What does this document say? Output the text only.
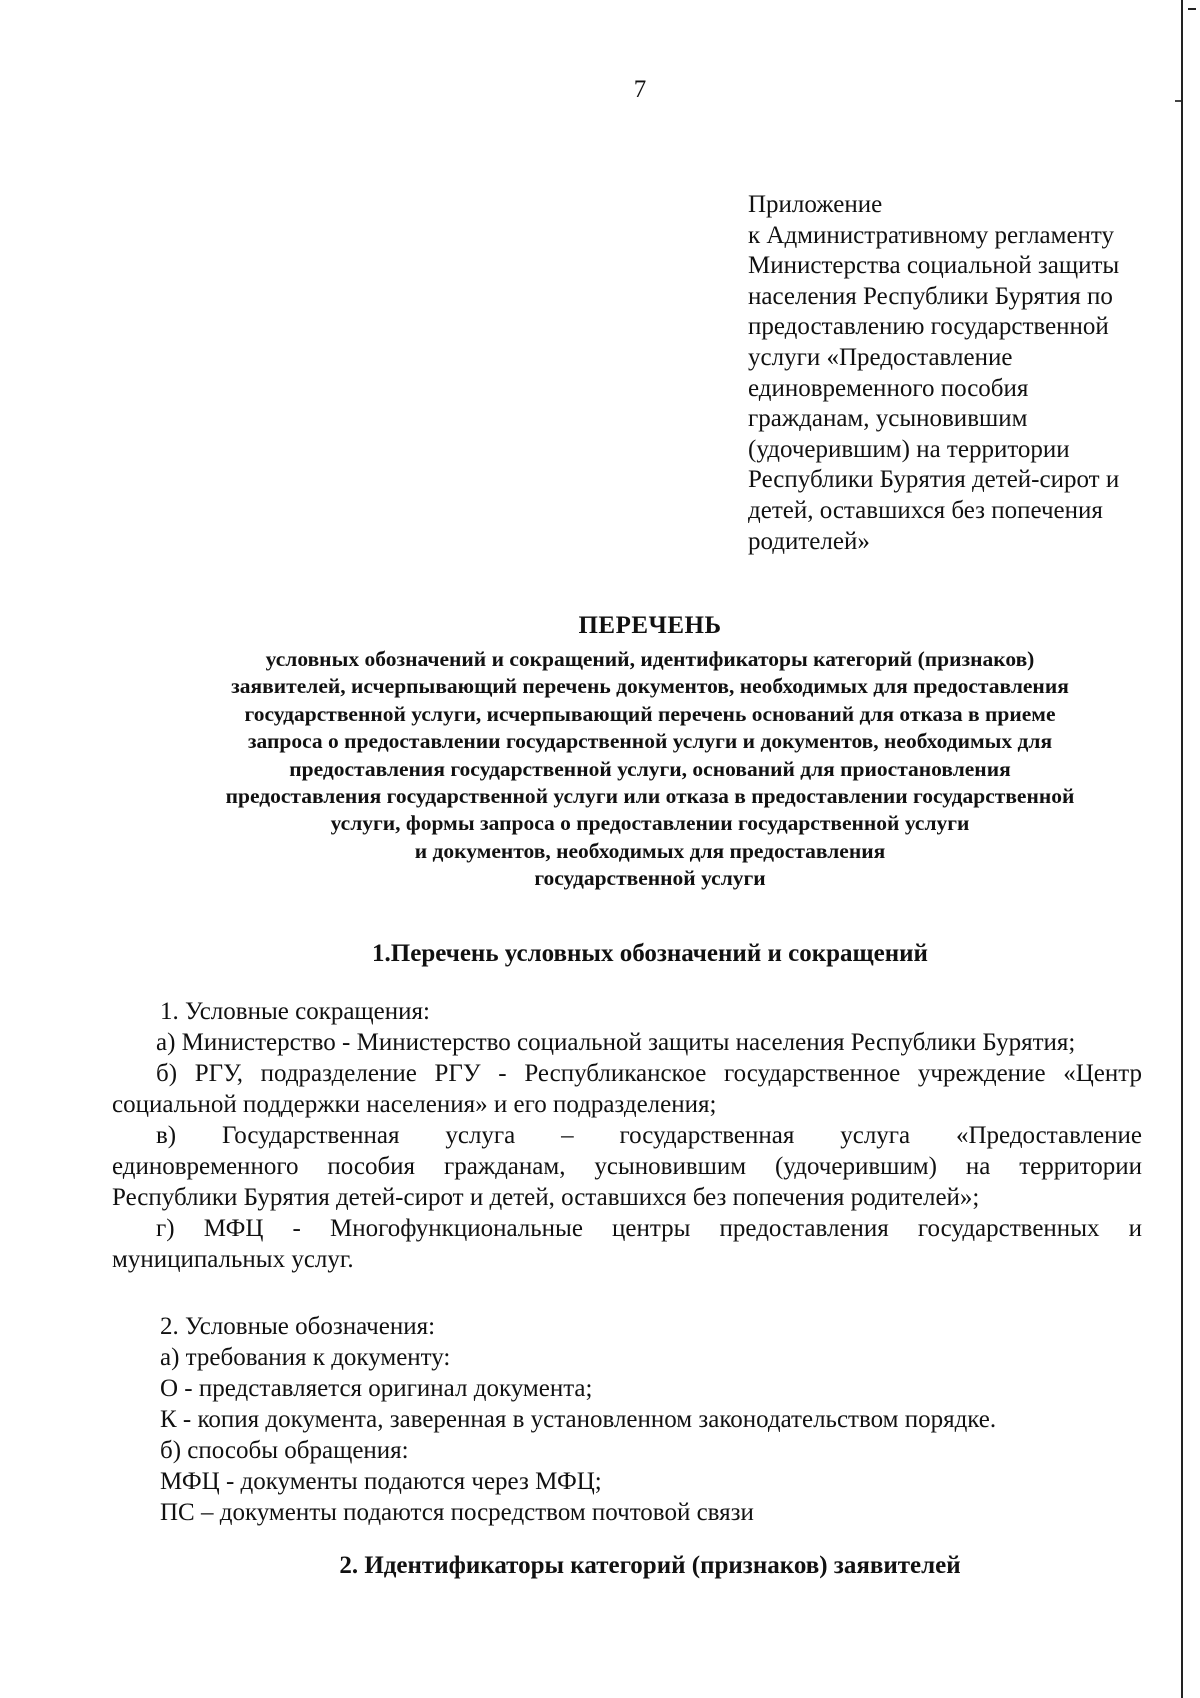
7
Приложение
к Административному регламенту
Министерства социальной защиты
населения Республики Бурятия по
предоставлению государственной
услуги «Предоставление
единовременного пособия
гражданам, усыновившим
(удочерившим) на территории
Республики Бурятия детей-сирот и
детей, оставшихся без попечения
родителей»
ПЕРЕЧЕНЬ
условных обозначений и сокращений, идентификаторы категорий (признаков)
заявителей, исчерпывающий перечень документов, необходимых для предоставления
государственной услуги, исчерпывающий перечень оснований для отказа в приеме
запроса о предоставлении государственной услуги и документов, необходимых для
предоставления государственной услуги, оснований для приостановления
предоставления государственной услуги или отказа в предоставлении государственной
услуги, формы запроса о предоставлении государственной услуги
и документов, необходимых для предоставления
государственной услуги
1.Перечень условных обозначений и сокращений
1. Условные сокращения:
а) Министерство - Министерство социальной защиты населения Республики Бурятия;
б) РГУ, подразделение РГУ - Республиканское государственное учреждение «Центр
социальной поддержки населения» и его подразделения;
в) Государственная услуга – государственная услуга «Предоставление
единовременного пособия гражданам, усыновившим (удочерившим) на территории
Республики Бурятия детей-сирот и детей, оставшихся без попечения родителей»;
г) МФЦ - Многофункциональные центры предоставления государственных и
муниципальных услуг.
2. Условные обозначения:
а) требования к документу:
О - представляется оригинал документа;
К - копия документа, заверенная в установленном законодательством порядке.
б) способы обращения:
МФЦ - документы подаются через МФЦ;
ПС – документы подаются посредством почтовой связи
2. Идентификаторы категорий (признаков) заявителей
